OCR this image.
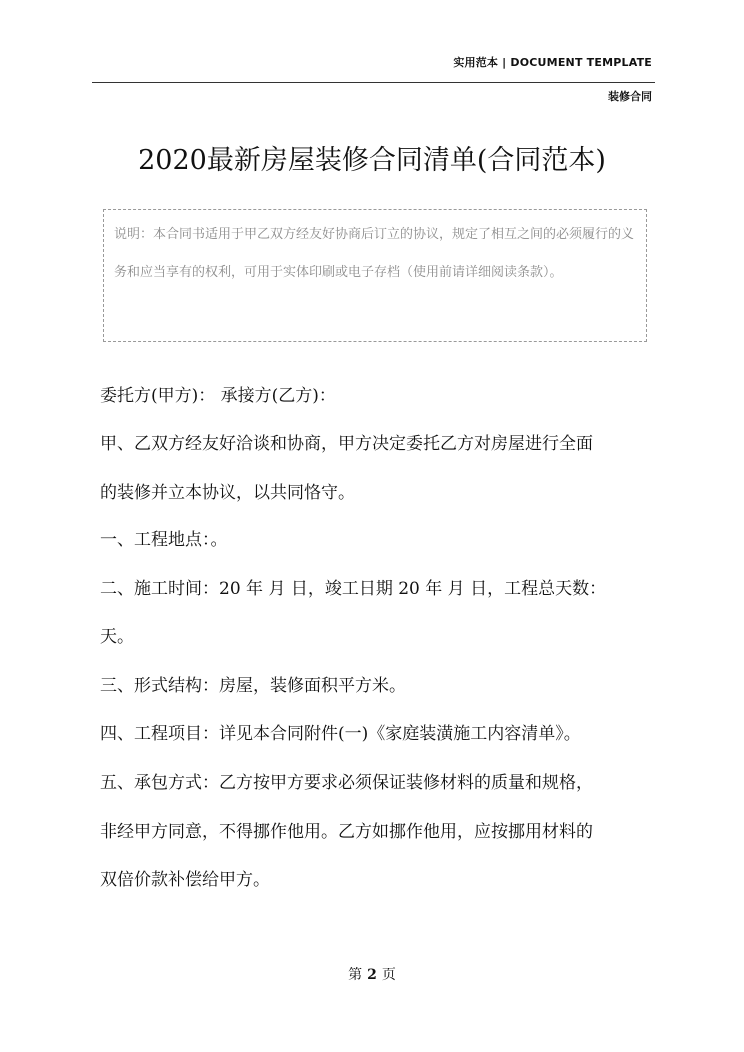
实用范本 | DOCUMENT TEMPLATE
装修合同
2020最新房屋装修合同清单(合同范本)

说明：本合同书适用于甲乙双方经友好协商后订立的协议，规定了相互之间的必须履行的义务和应当享有的权利，可用于实体印刷或电子存档（使用前请详细阅读条款）。

委托方(甲方)： 承接方(乙方)：

甲、乙双方经友好洽谈和协商，甲方决定委托乙方对房屋进行全面

的装修并立本协议，以共同恪守。

一、工程地点：。

二、施工时间：20 年 月 日，竣工日期 20 年 月 日，工程总天数：

天。

三、形式结构：房屋，装修面积平方米。

四、工程项目：详见本合同附件(一)《家庭装潢施工内容清单》。

五、承包方式：乙方按甲方要求必须保证装修材料的质量和规格，

非经甲方同意，不得挪作他用。乙方如挪作他用，应按挪用材料的

双倍价款补偿给甲方。

第 2 页
